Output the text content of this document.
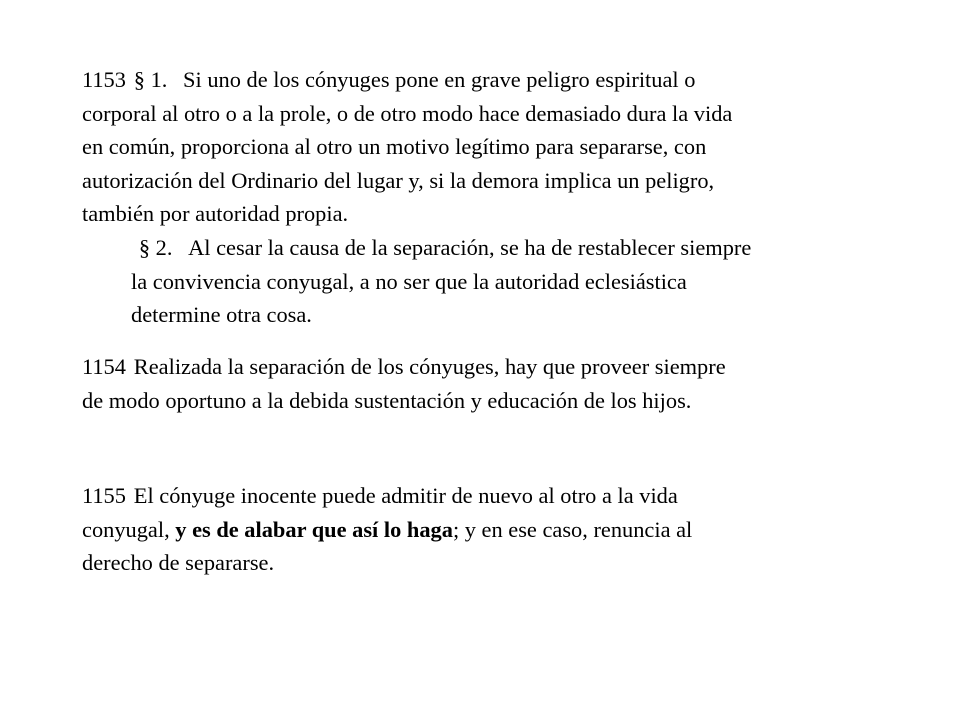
1153 § 1. Si uno de los cónyuges pone en grave peligro espiritual o
corporal al otro o a la prole, o de otro modo hace demasiado dura la vida
en común, proporciona al otro un motivo legítimo para separarse, con
autorización del Ordinario del lugar y, si la demora implica un peligro,
también por autoridad propia.
§ 2. Al cesar la causa de la separación, se ha de restablecer siempre
la convivencia conyugal, a no ser que la autoridad eclesiástica
determine otra cosa.
1154 Realizada la separación de los cónyuges, hay que proveer siempre
de modo oportuno a la debida sustentación y educación de los hijos.
1155 El cónyuge inocente puede admitir de nuevo al otro a la vida
conyugal, y es de alabar que así lo haga; y en ese caso, renuncia al
derecho de separarse.
